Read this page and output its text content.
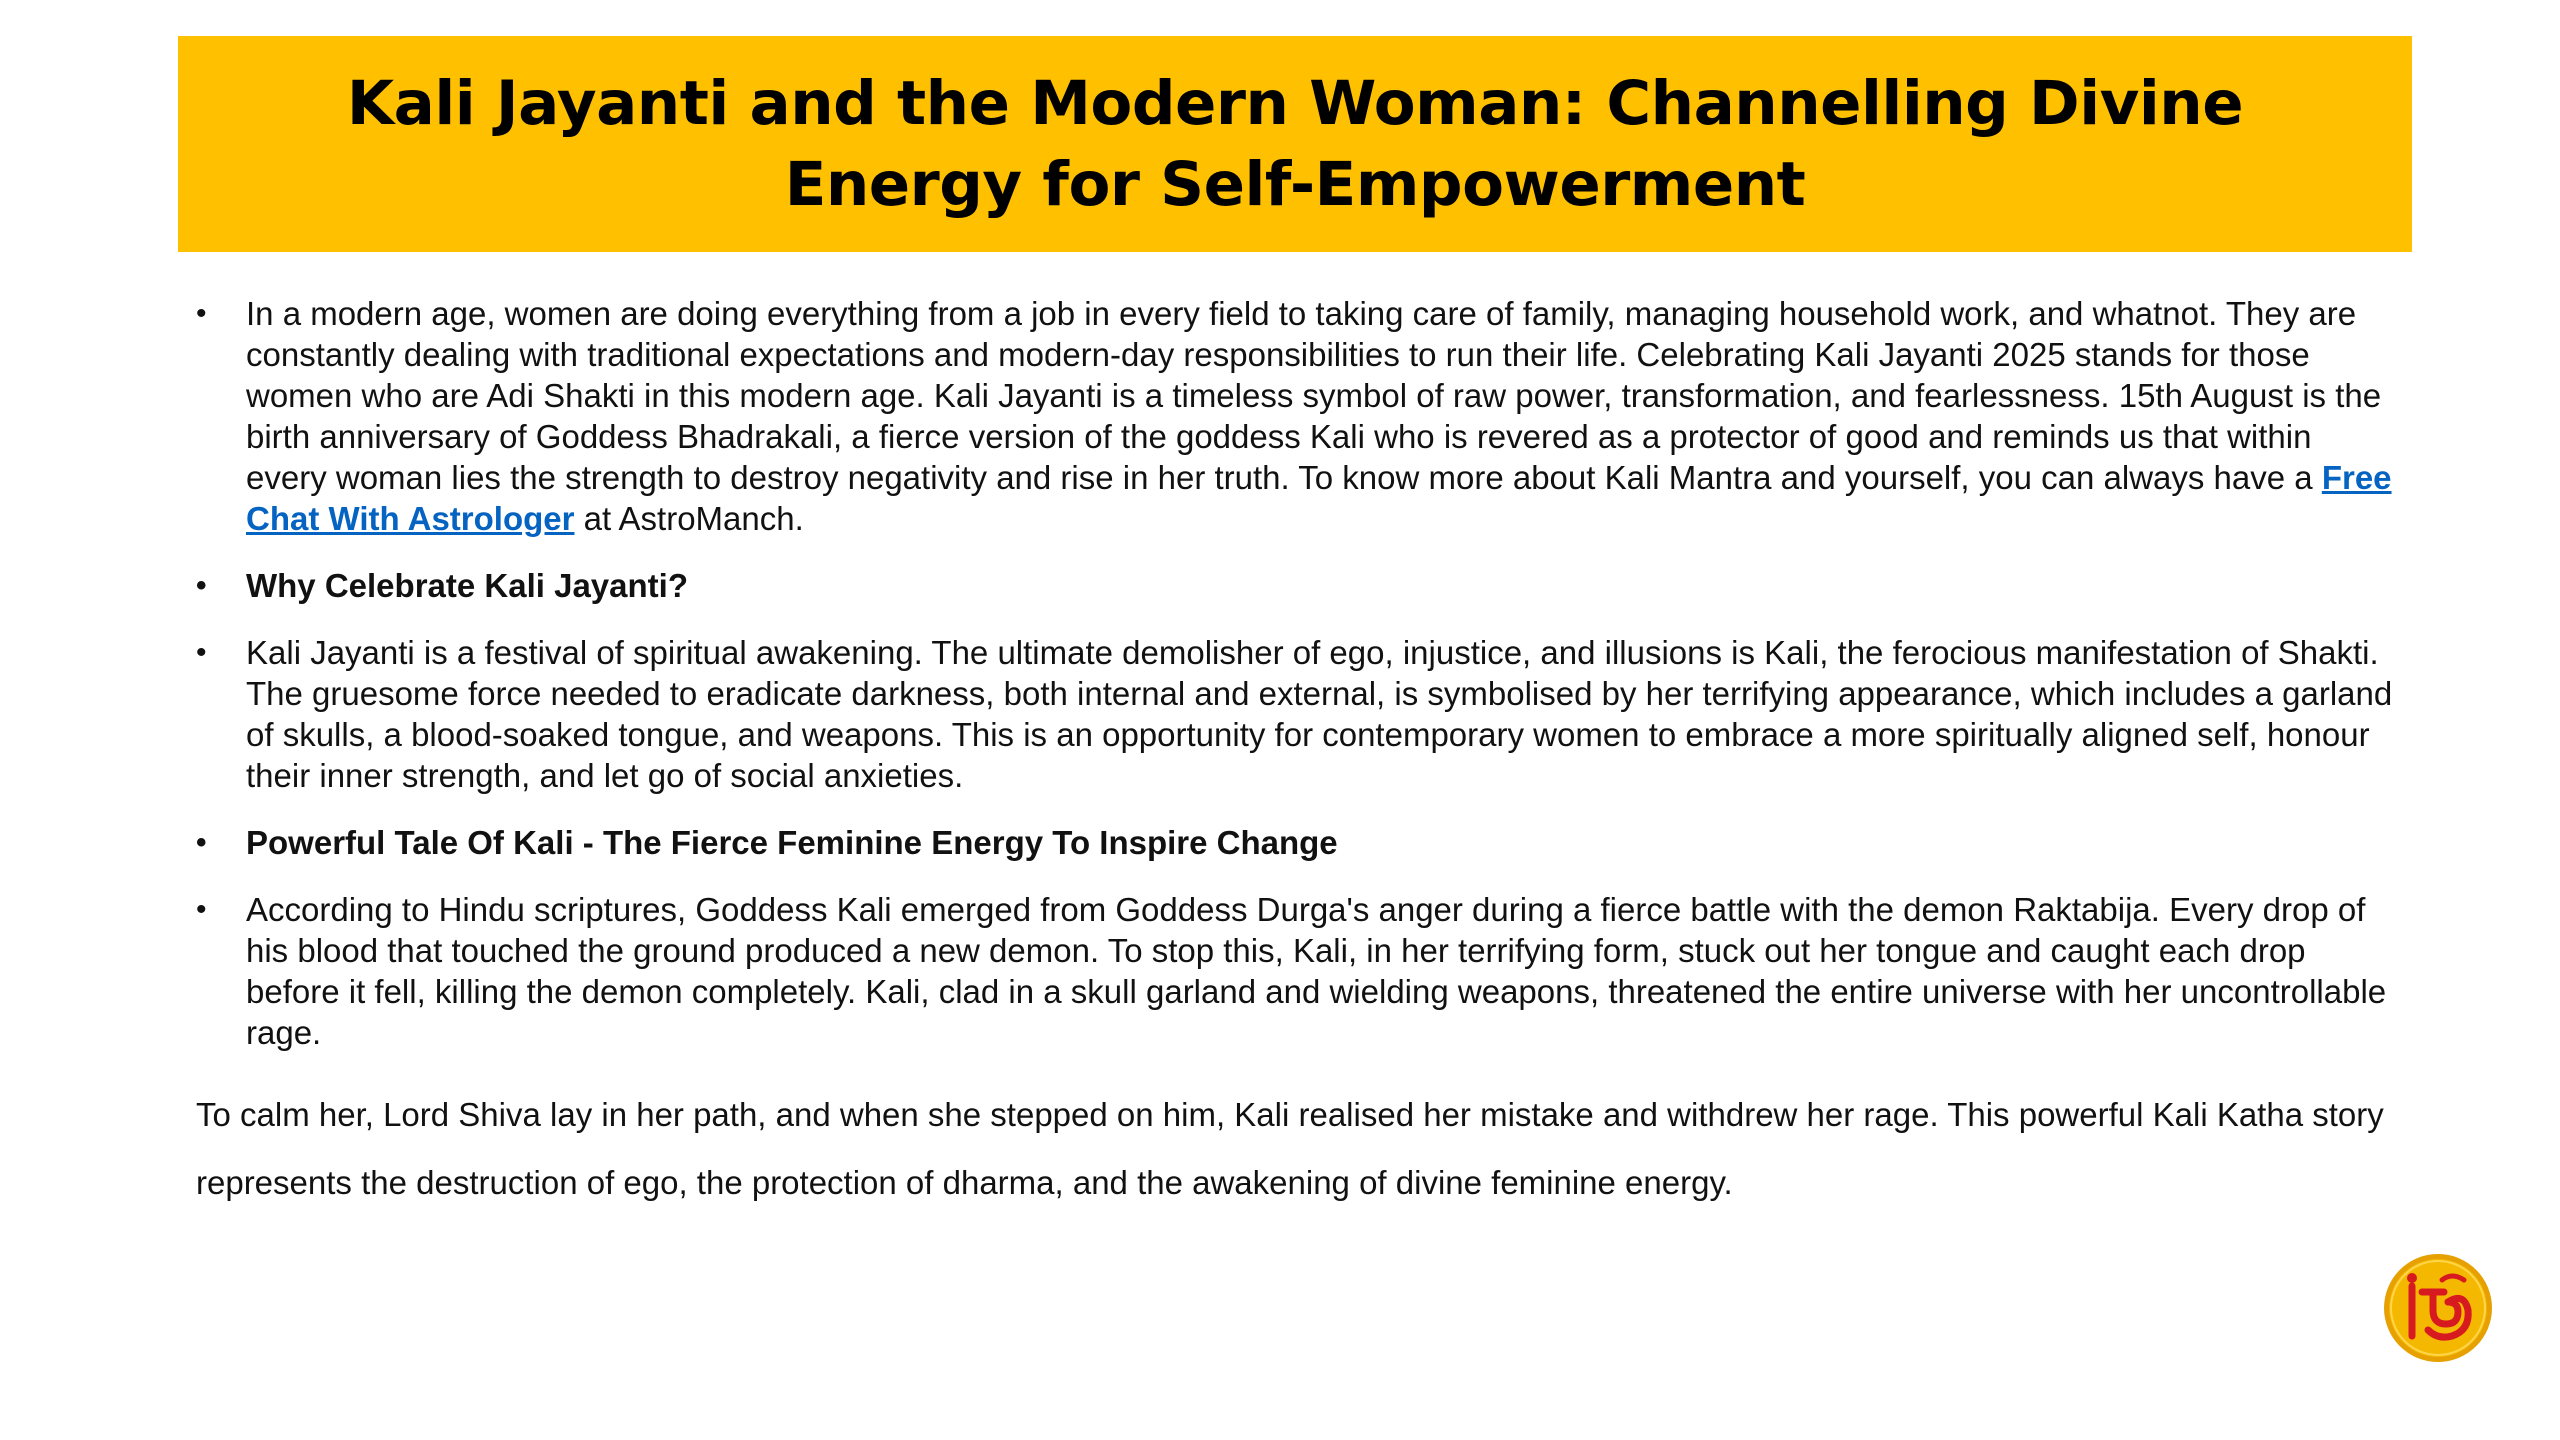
Kali Jayanti and the Modern Woman: Channelling Divine Energy for Self-Empowerment
• In a modern age, women are doing everything from a job in every field to taking care of family, managing household work, and whatnot. They are constantly dealing with traditional expectations and modern-day responsibilities to run their life. Celebrating Kali Jayanti 2025 stands for those women who are Adi Shakti in this modern age. Kali Jayanti is a timeless symbol of raw power, transformation, and fearlessness. 15th August is the birth anniversary of Goddess Bhadrakali, a fierce version of the goddess Kali who is revered as a protector of good and reminds us that within every woman lies the strength to destroy negativity and rise in her truth. To know more about Kali Mantra and yourself, you can always have a Free Chat With Astrologer at AstroManch.
• Why Celebrate Kali Jayanti?
• Kali Jayanti is a festival of spiritual awakening. The ultimate demolisher of ego, injustice, and illusions is Kali, the ferocious manifestation of Shakti. The gruesome force needed to eradicate darkness, both internal and external, is symbolised by her terrifying appearance, which includes a garland of skulls, a blood-soaked tongue, and weapons. This is an opportunity for contemporary women to embrace a more spiritually aligned self, honour their inner strength, and let go of social anxieties.
• Powerful Tale Of Kali - The Fierce Feminine Energy To Inspire Change
• According to Hindu scriptures, Goddess Kali emerged from Goddess Durga's anger during a fierce battle with the demon Raktabija. Every drop of his blood that touched the ground produced a new demon. To stop this, Kali, in her terrifying form, stuck out her tongue and caught each drop before it fell, killing the demon completely. Kali, clad in a skull garland and wielding weapons, threatened the entire universe with her uncontrollable rage.

To calm her, Lord Shiva lay in her path, and when she stepped on him, Kali realised her mistake and withdrew her rage. This powerful Kali Katha story represents the destruction of ego, the protection of dharma, and the awakening of divine feminine energy.
